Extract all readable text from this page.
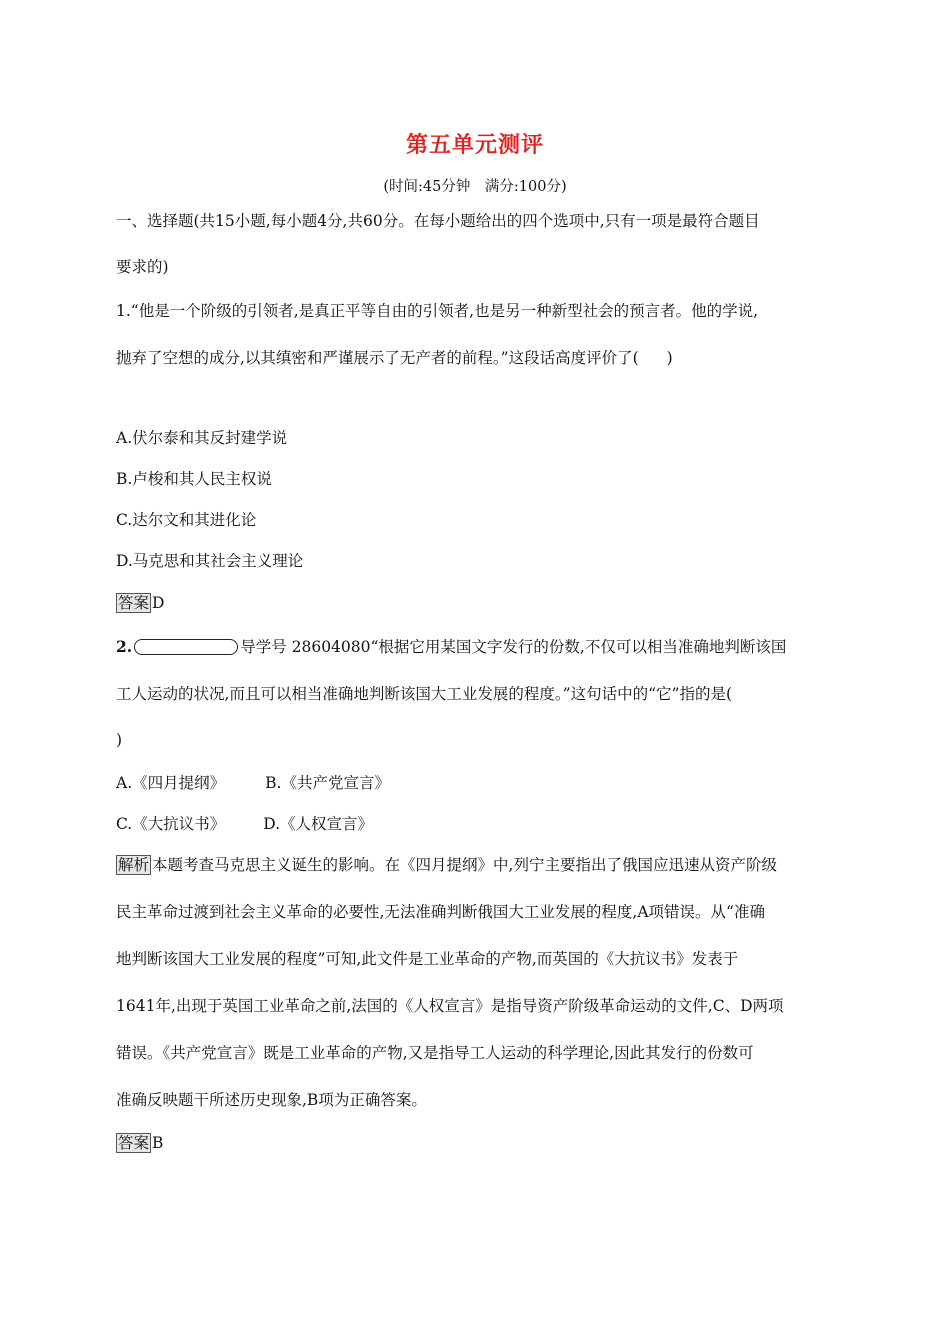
第五单元测评
(时间:45分钟　满分:100分)
一、选择题(共15小题,每小题4分,共60分。在每小题给出的四个选项中,只有一项是最符合题目
要求的)
1.“他是一个阶级的引领者,是真正平等自由的引领者,也是另一种新型社会的预言者。他的学说,
抛弃了空想的成分,以其缜密和严谨展示了无产者的前程。”这段话高度评价了( )
A.伏尔泰和其反封建学说
B.卢梭和其人民主权说
C.达尔文和其进化论
D.马克思和其社会主义理论
答案 D
2.	导学号 28604080“根据它用某国文字发行的份数,不仅可以相当准确地判断该国
工人运动的状况,而且可以相当准确地判断该国大工业发展的程度。”这句话中的“它”指的是(
)
A.《四月提纲》	B.《共产党宣言》
C.《大抗议书》 D.《人权宣言》
解析 本题考查马克思主义诞生的影响。在《四月提纲》中,列宁主要指出了俄国应迅速从资产阶级
民主革命过渡到社会主义革命的必要性,无法准确判断俄国大工业发展的程度,A项错误。从“准确
地判断该国大工业发展的程度”可知,此文件是工业革命的产物,而英国的《大抗议书》发表于
1641年,出现于英国工业革命之前,法国的《人权宣言》是指导资产阶级革命运动的文件,C、D两项
错误。《共产党宣言》既是工业革命的产物,又是指导工人运动的科学理论,因此其发行的份数可
准确反映题干所述历史现象,B项为正确答案。
答案 B
